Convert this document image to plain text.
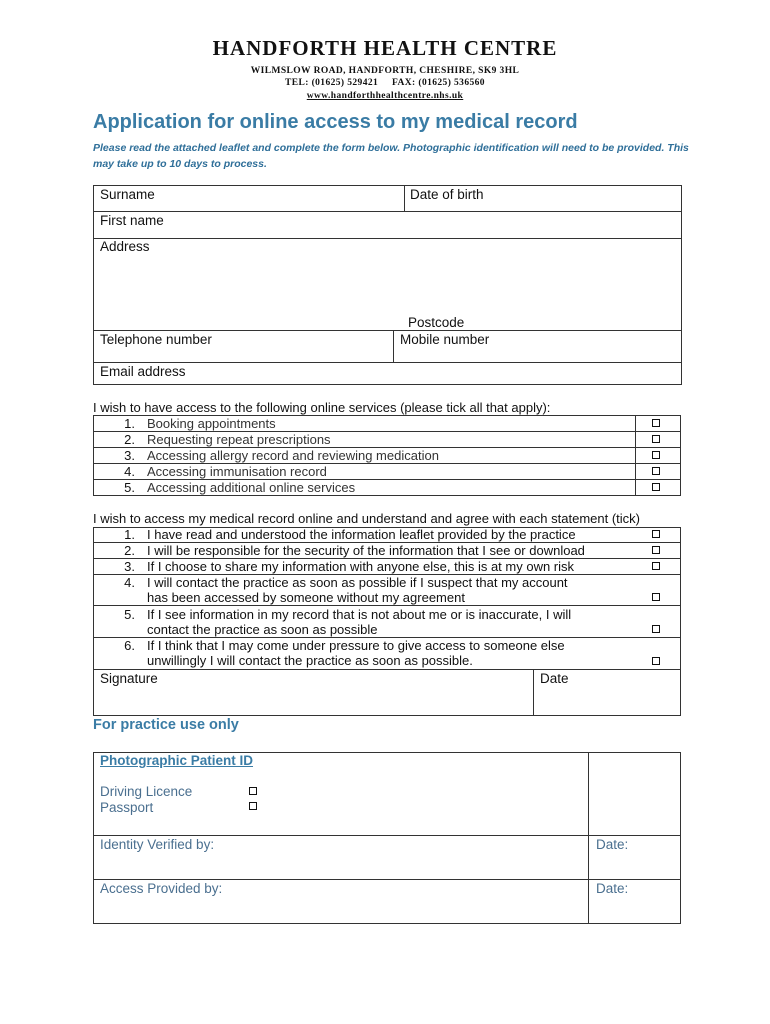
HANDFORTH HEALTH CENTRE
WILMSLOW ROAD, HANDFORTH, CHESHIRE, SK9 3HL
TEL: (01625) 529421     FAX: (01625) 536560
www.handforthhealthcentre.nhs.uk
Application for online access to my medical record
Please read the attached leaflet and complete the form below. Photographic identification will need to be provided. This may take up to 10 days to process.
Surname	Date of birth
First name
Address
Postcode
Telephone number	Mobile number
Email address
I wish to have access to the following online services (please tick all that apply):
1. Booking appointments
2. Requesting repeat prescriptions
3. Accessing allergy record and reviewing medication
4. Accessing immunisation record
5. Accessing additional online services
I wish to access my medical record online and understand and agree with each statement (tick)
1. I have read and understood the information leaflet provided by the practice
2. I will be responsible for the security of the information that I see or download
3. If I choose to share my information with anyone else, this is at my own risk
4. I will contact the practice as soon as possible if I suspect that my account
has been accessed by someone without my agreement
5. If I see information in my record that is not about me or is inaccurate, I will
contact the practice as soon as possible
6. If I think that I may come under pressure to give access to someone else
unwillingly I will contact the practice as soon as possible.
Signature	Date
For practice use only
Photographic Patient ID
Driving Licence
Passport
Identity Verified by:	Date:
Access Provided by:	Date:
